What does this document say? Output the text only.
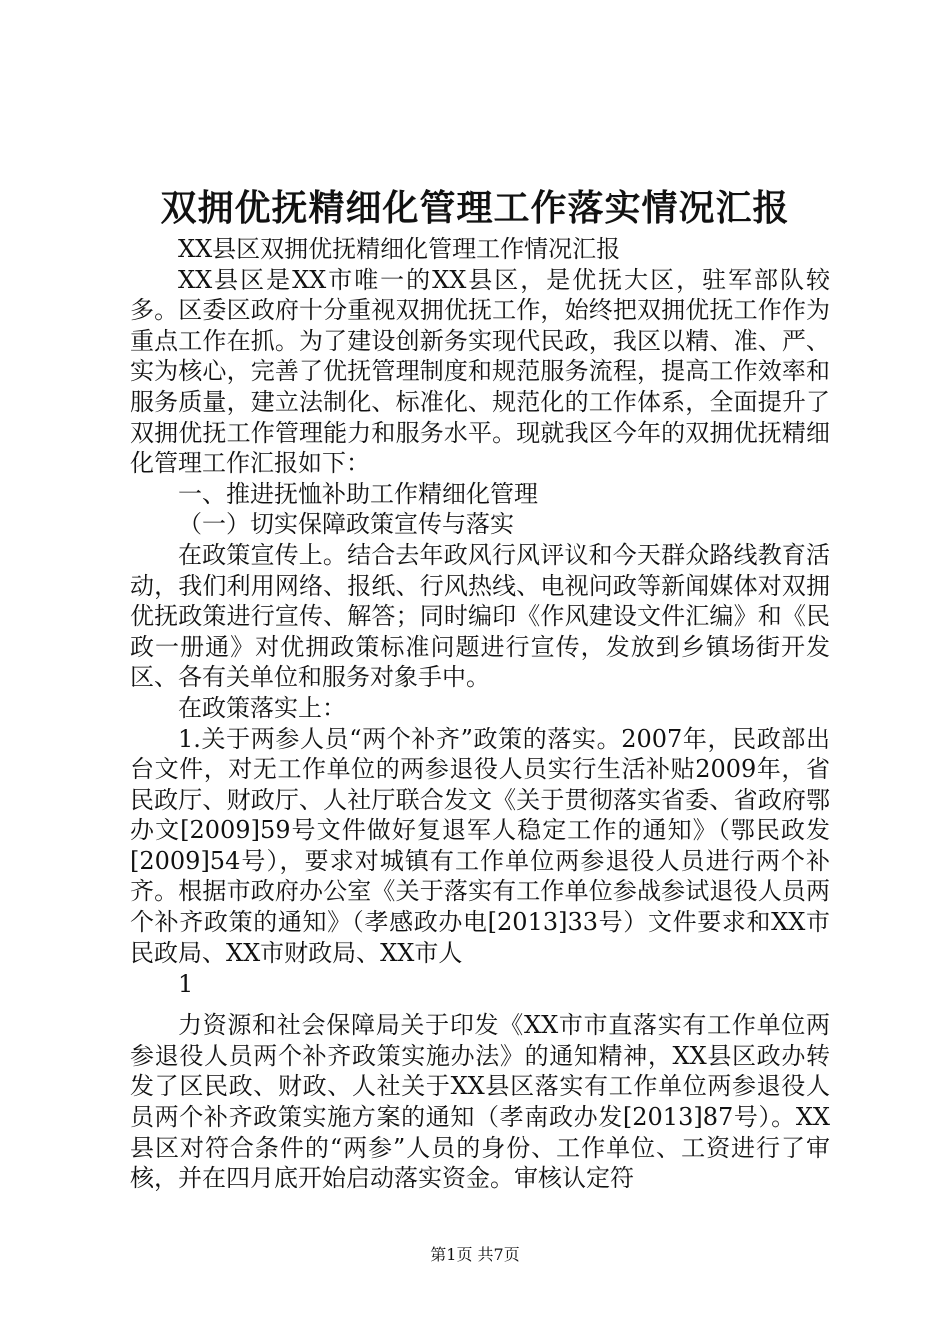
双拥优抚精细化管理工作落实情况汇报

XX县区双拥优抚精细化管理工作情况汇报

XX县区是XX市唯一的XX县区，是优抚大区，驻军部队较多。区委区政府十分重视双拥优抚工作，始终把双拥优抚工作作为重点工作在抓。为了建设创新务实现代民政，我区以精、准、严、实为核心，完善了优抚管理制度和规范服务流程，提高工作效率和服务质量，建立法制化、标准化、规范化的工作体系，全面提升了双拥优抚工作管理能力和服务水平。现就我区今年的双拥优抚精细化管理工作汇报如下：

一、推进抚恤补助工作精细化管理

（一）切实保障政策宣传与落实

在政策宣传上。结合去年政风行风评议和今天群众路线教育活动，我们利用网络、报纸、行风热线、电视问政等新闻媒体对双拥优抚政策进行宣传、解答；同时编印《作风建设文件汇编》和《民政一册通》对优拥政策标准问题进行宣传，发放到乡镇场街开发区、各有关单位和服务对象手中。

在政策落实上：

1.关于两参人员“两个补齐”政策的落实。2007年，民政部出台文件，对无工作单位的两参退役人员实行生活补贴2009年，省民政厅、财政厅、人社厅联合发文《关于贯彻落实省委、省政府鄂办文[2009]59号文件做好复退军人稳定工作的通知》（鄂民政发[2009]54号），要求对城镇有工作单位两参退役人员进行两个补齐。根据市政府办公室《关于落实有工作单位参战参试退役人员两个补齐政策的通知》（孝感政办电[2013]33号）文件要求和XX市民政局、XX市财政局、XX市人

1

力资源和社会保障局关于印发《XX市市直落实有工作单位两参退役人员两个补齐政策实施办法》的通知精神，XX县区政办转发了区民政、财政、人社关于XX县区落实有工作单位两参退役人员两个补齐政策实施方案的通知（孝南政办发[2013]87号）。XX县区对符合条件的“两参”人员的身份、工作单位、工资进行了审核，并在四月底开始启动落实资金。审核认定符

第1页 共7页
